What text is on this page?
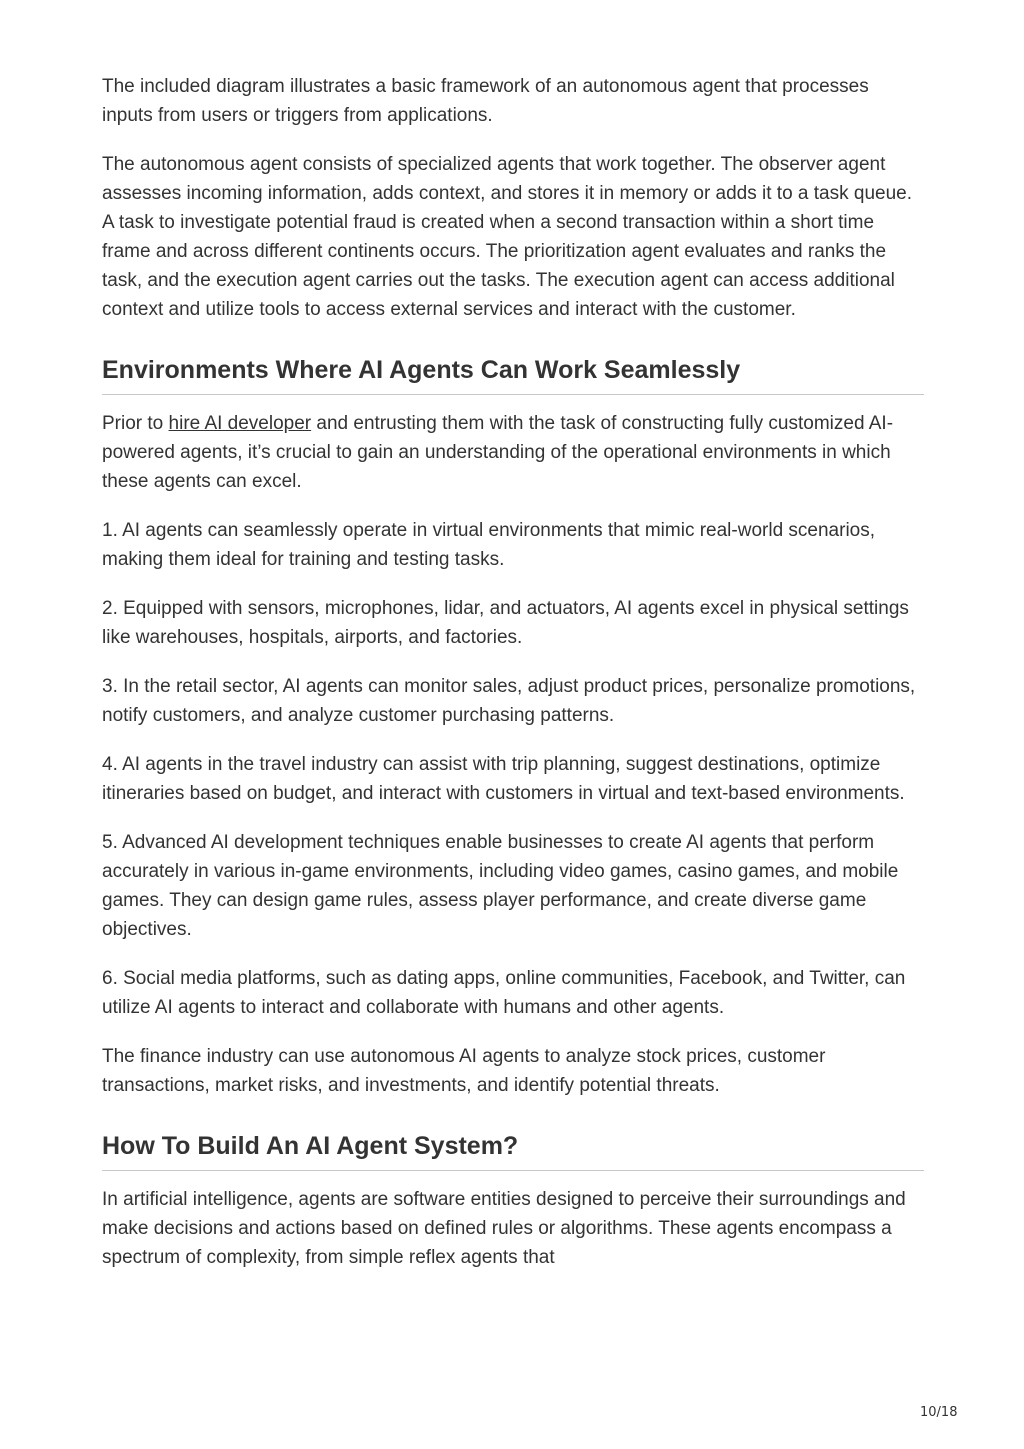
The included diagram illustrates a basic framework of an autonomous agent that processes inputs from users or triggers from applications.

The autonomous agent consists of specialized agents that work together. The observer agent assesses incoming information, adds context, and stores it in memory or adds it to a task queue. A task to investigate potential fraud is created when a second transaction within a short time frame and across different continents occurs. The prioritization agent evaluates and ranks the task, and the execution agent carries out the tasks. The execution agent can access additional context and utilize tools to access external services and interact with the customer.

Environments Where AI Agents Can Work Seamlessly

Prior to hire AI developer and entrusting them with the task of constructing fully customized AI-powered agents, it’s crucial to gain an understanding of the operational environments in which these agents can excel.

1. AI agents can seamlessly operate in virtual environments that mimic real-world scenarios, making them ideal for training and testing tasks.

2. Equipped with sensors, microphones, lidar, and actuators, AI agents excel in physical settings like warehouses, hospitals, airports, and factories.

3. In the retail sector, AI agents can monitor sales, adjust product prices, personalize promotions, notify customers, and analyze customer purchasing patterns.

4. AI agents in the travel industry can assist with trip planning, suggest destinations, optimize itineraries based on budget, and interact with customers in virtual and text-based environments.

5. Advanced AI development techniques enable businesses to create AI agents that perform accurately in various in-game environments, including video games, casino games, and mobile games. They can design game rules, assess player performance, and create diverse game objectives.

6. Social media platforms, such as dating apps, online communities, Facebook, and Twitter, can utilize AI agents to interact and collaborate with humans and other agents.

The finance industry can use autonomous AI agents to analyze stock prices, customer transactions, market risks, and investments, and identify potential threats.

How To Build An AI Agent System?

In artificial intelligence, agents are software entities designed to perceive their surroundings and make decisions and actions based on defined rules or algorithms. These agents encompass a spectrum of complexity, from simple reflex agents that

10/18
